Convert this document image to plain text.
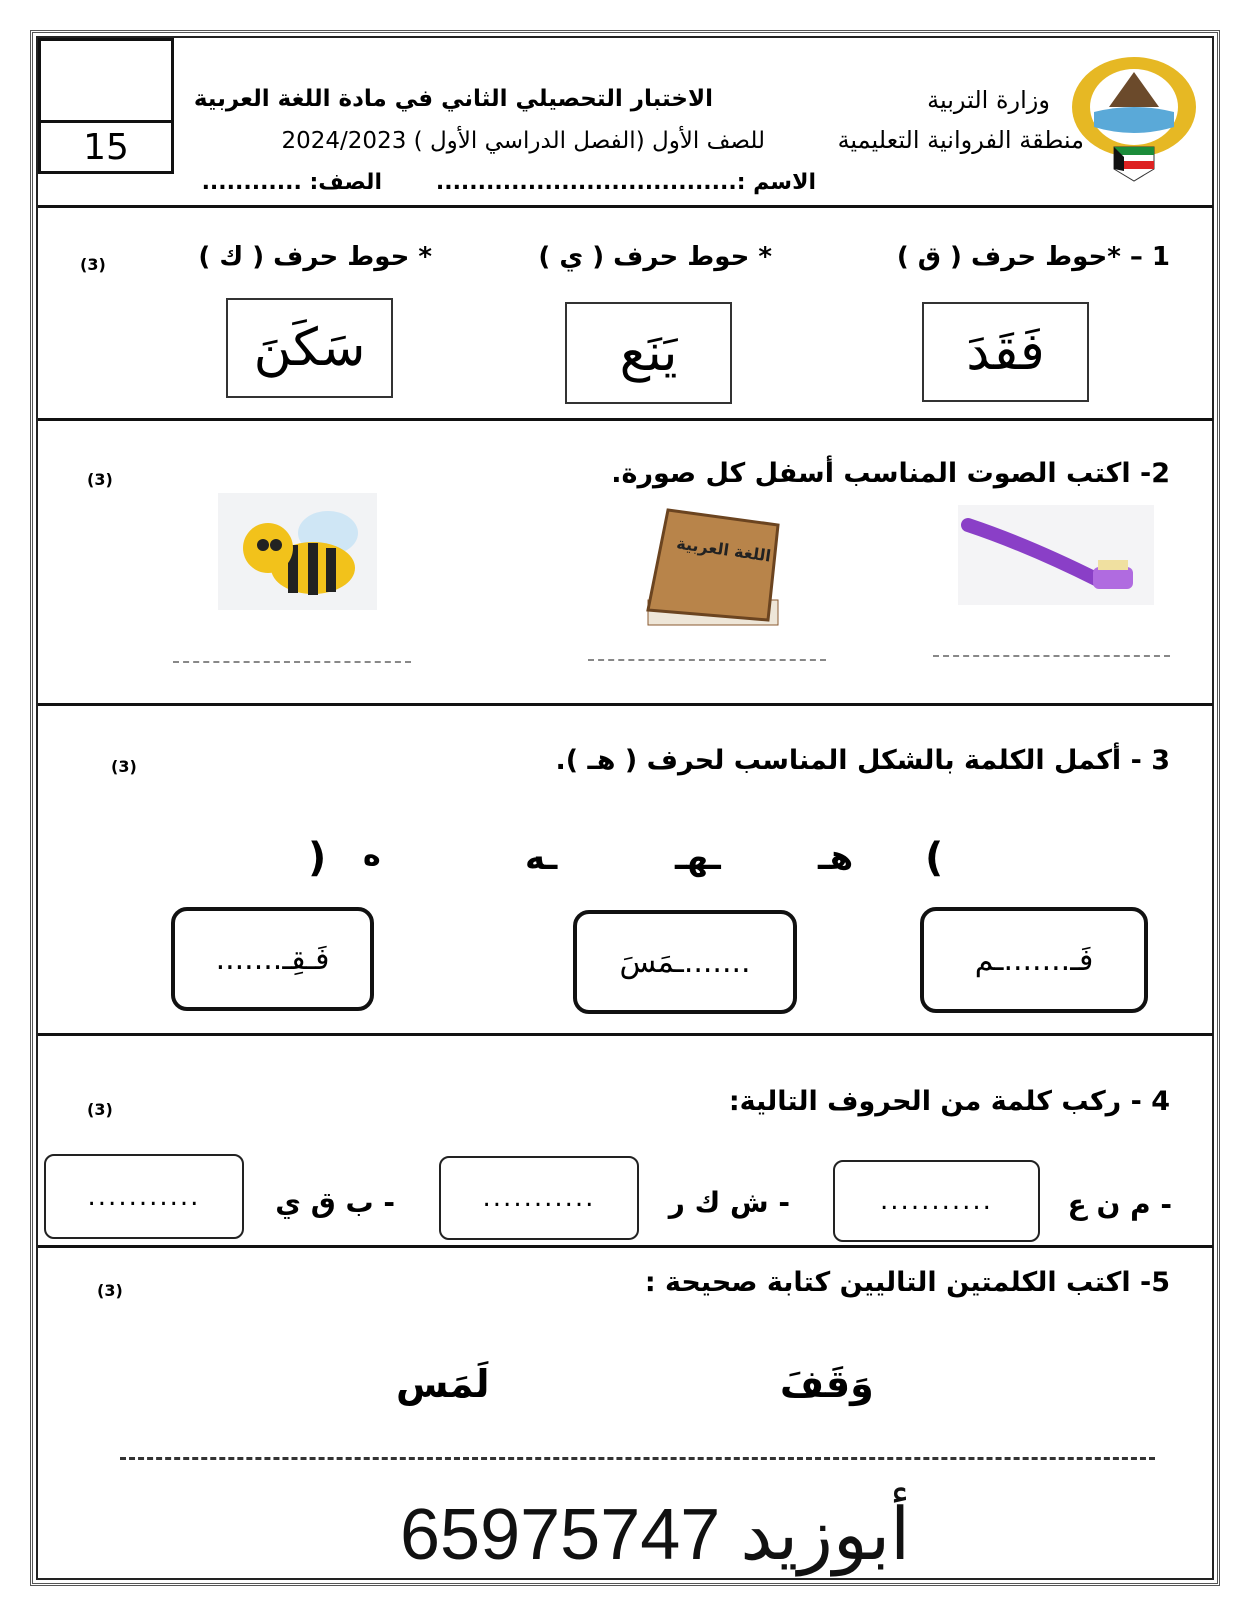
15
وزارة التربية
منطقة الفروانية التعليمية
الاختبار التحصيلي الثاني في مادة اللغة العربية
للصف الأول (الفصل الدراسي الأول ) 2024/2023
الاسم :....................................
الصف: ............
(3)	1 – *حوط حرف ( ق )
* حوط حرف ( ي )
* حوط حرف ( ك )
فَقَدَ
يَنَع
سَكَنَ
(3)	2- اكتب الصوت المناسب أسفل كل صورة.
اللغة العربية
(3)	3 - أكمل الكلمة بالشكل المناسب لحرف ( هـ ).
(
هـ
ـهـ
ـه
ه
)
فَـ.......ـم
.......ـمَسَ
فَـقِـ.......
(3)	4 - ركب كلمة من الحروف التالية:
- م ن ع
...........
- ش ك ر
...........
- ب ق ي
...........
(3)	5- اكتب الكلمتين التاليين كتابة صحيحة :
وَقَفَ
لَمَس
أبوزيد 65975747
